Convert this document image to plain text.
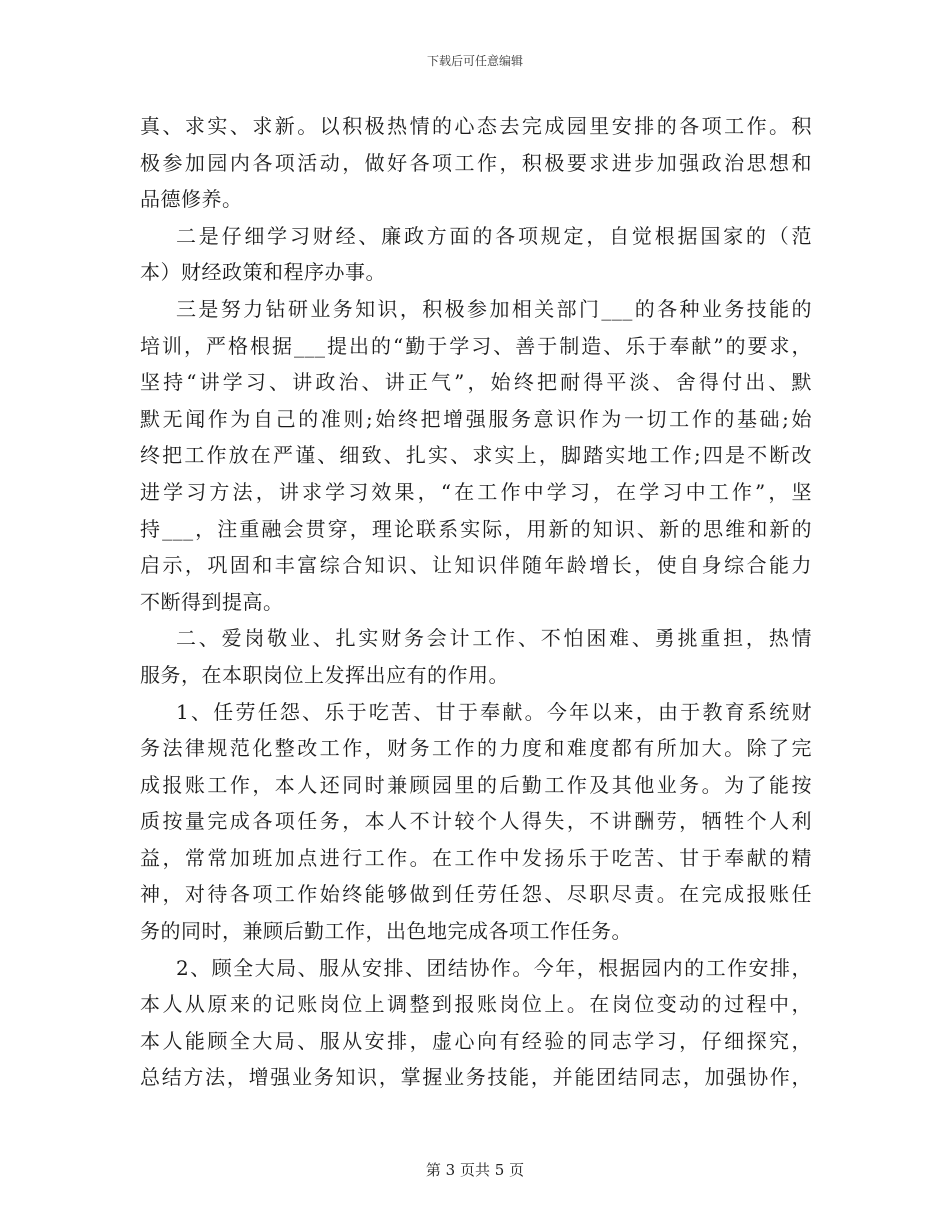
下载后可任意编辑
真、求实、求新。以积极热情的心态去完成园里安排的各项工作。积
极参加园内各项活动，做好各项工作，积极要求进步加强政治思想和
品德修养。
二是仔细学习财经、廉政方面的各项规定，自觉根据国家的（范
本）财经政策和程序办事。
三是努力钻研业务知识，积极参加相关部门___的各种业务技能的
培训，严格根据___提出的“勤于学习、善于制造、乐于奉献”的要求，
坚持“讲学习、讲政治、讲正气”，始终把耐得平淡、舍得付出、默
默无闻作为自己的准则;始终把增强服务意识作为一切工作的基础;始
终把工作放在严谨、细致、扎实、求实上，脚踏实地工作;四是不断改
进学习方法，讲求学习效果，“在工作中学习，在学习中工作”，坚
持___，注重融会贯穿，理论联系实际，用新的知识、新的思维和新的
启示，巩固和丰富综合知识、让知识伴随年龄增长，使自身综合能力
不断得到提高。
二、爱岗敬业、扎实财务会计工作、不怕困难、勇挑重担，热情
服务，在本职岗位上发挥出应有的作用。
1、任劳任怨、乐于吃苦、甘于奉献。今年以来，由于教育系统财
务法律规范化整改工作，财务工作的力度和难度都有所加大。除了完
成报账工作，本人还同时兼顾园里的后勤工作及其他业务。为了能按
质按量完成各项任务，本人不计较个人得失，不讲酬劳，牺牲个人利
益，常常加班加点进行工作。在工作中发扬乐于吃苦、甘于奉献的精
神，对待各项工作始终能够做到任劳任怨、尽职尽责。在完成报账任
务的同时，兼顾后勤工作，出色地完成各项工作任务。
2、顾全大局、服从安排、团结协作。今年，根据园内的工作安排，
本人从原来的记账岗位上调整到报账岗位上。在岗位变动的过程中，
本人能顾全大局、服从安排，虚心向有经验的同志学习，仔细探究，
总结方法，增强业务知识，掌握业务技能，并能团结同志，加强协作，
第 3 页共 5 页
